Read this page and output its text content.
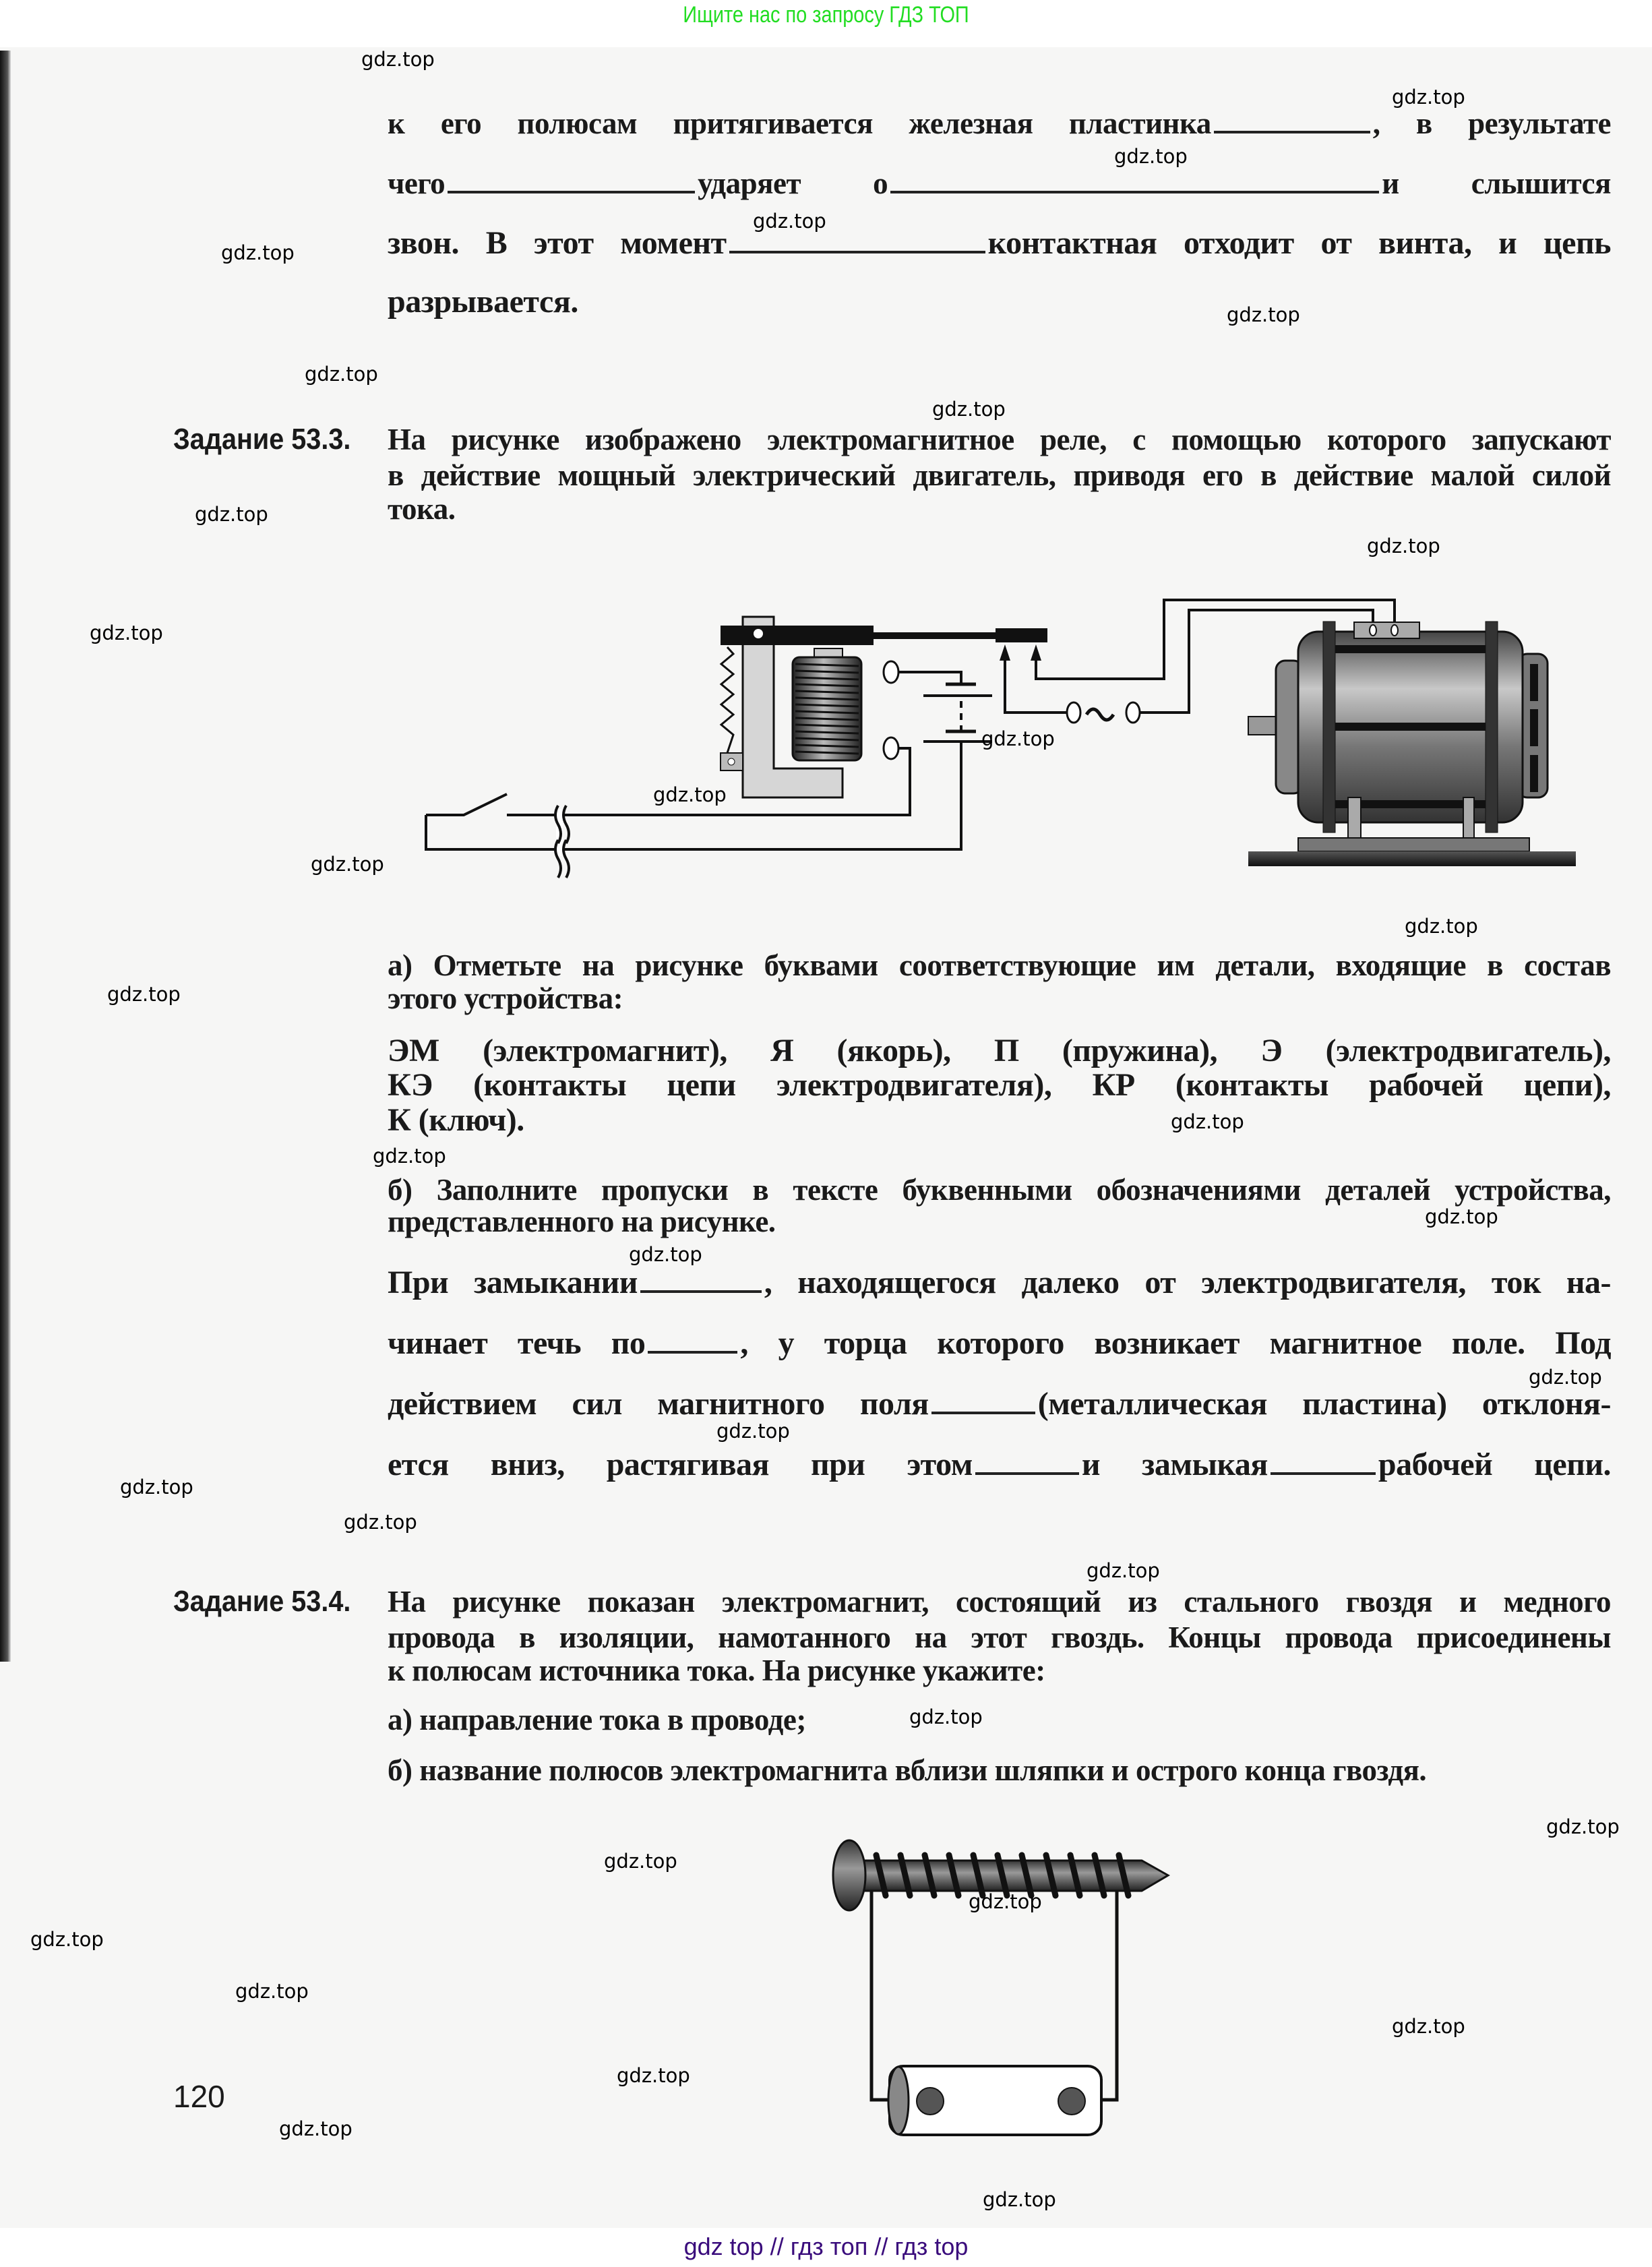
Ищите нас по запросу ГДЗ ТОП
к его полюсам притягивается железная пластинка	, в результате
чего	ударяет о	и слышится
звон. В этот момент	контактная отходит от винта, и цепь
разрывается.
Задание 53.3. На рисунке изображено электромагнитное реле, с помощью которого запускают
в действие мощный электрический двигатель, приводя его в действие малой силой
тока.
а) Отметьте на рисунке буквами соответствующие им детали, входящие в состав
этого устройства:
ЭМ (электромагнит), Я (якорь), П (пружина), Э (электродвигатель),
КЭ (контакты цепи электродвигателя), КР (контакты рабочей цепи),
К (ключ).
б) Заполните пропуски в тексте буквенными обозначениями деталей устройства,
представленного на рисунке.
При замыкании	, находящегося далеко от электродвигателя, ток на-
чинает течь по	, у торца которого возникает магнитное поле. Под
действием сил магнитного поля	(металлическая пластина) отклоня-
ется вниз, растягивая при этом	и замыкая	рабочей цепи.
Задание 53.4. На рисунке показан электромагнит, состоящий из стального гвоздя и медного
провода в изоляции, намотанного на этот гвоздь. Концы провода присоединены
к полюсам источника тока. На рисунке укажите:
а) направление тока в проводе;
б) название полюсов электромагнита вблизи шляпки и острого конца гвоздя.
120
gdz top // гдз топ // гдз top
gdz.top
gdz.top
gdz.top
gdz.top
gdz.top
gdz.top
gdz.top
gdz.top
gdz.top
gdz.top
gdz.top
gdz.top
gdz.top
gdz.top
gdz.top
gdz.top
gdz.top
gdz.top
gdz.top
gdz.top
gdz.top
gdz.top
gdz.top
gdz.top
gdz.top
gdz.top
gdz.top
gdz.top
gdz.top
gdz.top
gdz.top
gdz.top
gdz.top
gdz.top
gdz.top
